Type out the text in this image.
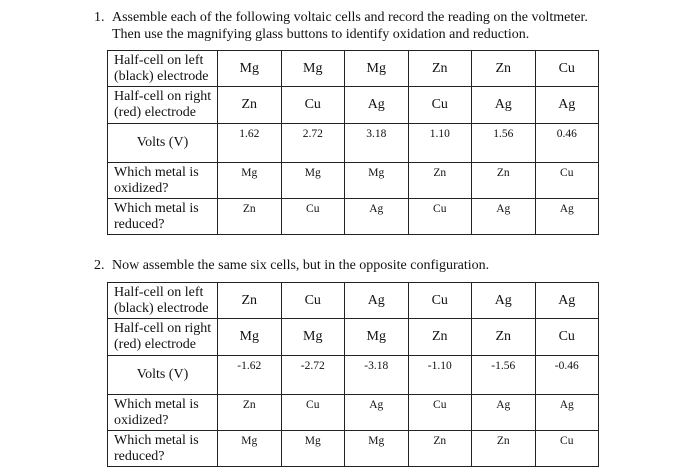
1. Assemble each of the following voltaic cells and record the reading on the voltmeter.
Then use the magnifying glass buttons to identify oxidation and reduction.
Half-cell on left
(black) electrode	Mg	Mg	Mg	Zn	Zn	Cu
Half-cell on right
(red) electrode	Zn	Cu	Ag	Cu	Ag	Ag
Volts (V)	1.62	2.72	3.18	1.10	1.56	0.46
Which metal is
oxidized?	Mg	Mg	Mg	Zn	Zn	Cu
Which metal is
reduced?	Zn	Cu	Ag	Cu	Ag	Ag
2. Now assemble the same six cells, but in the opposite configuration.
Half-cell on left
(black) electrode	Zn	Cu	Ag	Cu	Ag	Ag
Half-cell on right
(red) electrode	Mg	Mg	Mg	Zn	Zn	Cu
Volts (V)	-1.62	-2.72	-3.18	-1.10	-1.56	-0.46
Which metal is
oxidized?	Zn	Cu	Ag	Cu	Ag	Ag
Which metal is
reduced?	Mg	Mg	Mg	Zn	Zn	Cu
